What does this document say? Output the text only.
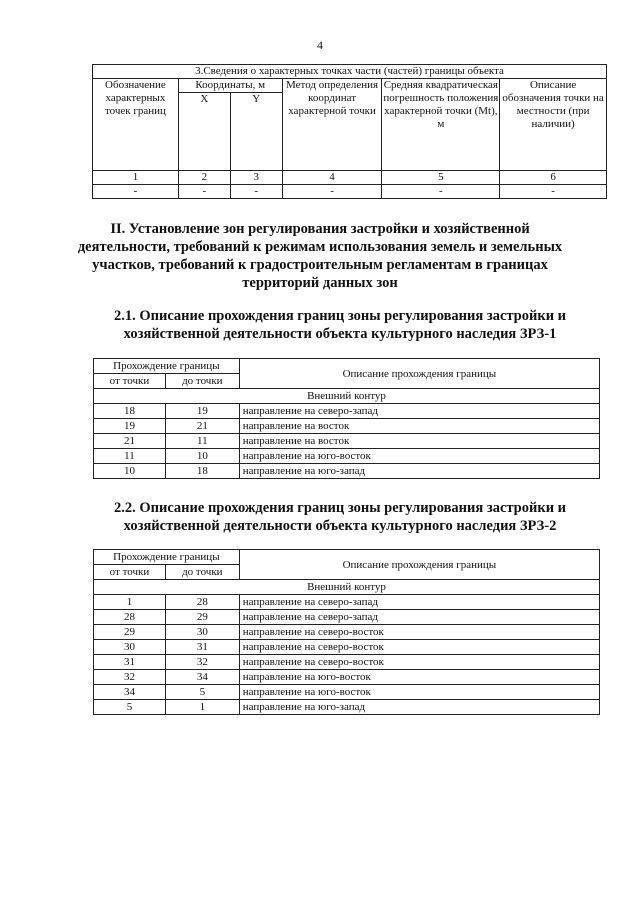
4
3.Сведения о характерных точках части (частей) границы объекта					
Обозначение характерных точек границ	Координаты, м		Метод определения координат характерной точки	Средняя квадратическая погрешность положения характерной точки (Mt), м	Описание обозначения точки на местности (при наличии)
	X	Y			
1	2	3	4	5	6
-	-	-	-	-	-
II. Установление зон регулирования застройки и хозяйственной деятельности, требований к режимам использования земель и земельных участков, требований к градостроительным регламентам в границах территорий данных зон
2.1. Описание прохождения границ зоны регулирования застройки и хозяйственной деятельности объекта культурного наследия ЗРЗ-1
Прохождение границы		Описание прохождения границы
от точки	до точки	
Внешний контур		
18	19	направление на северо-запад
19	21	направление на восток
21	11	направление на восток
11	10	направление на юго-восток
10	18	направление на юго-запад
2.2. Описание прохождения границ зоны регулирования застройки и хозяйственной деятельности объекта культурного наследия ЗРЗ-2
Прохождение границы		Описание прохождения границы
от точки	до точки	
Внешний контур		
1	28	направление на северо-запад
28	29	направление на северо-запад
29	30	направление на северо-восток
30	31	направление на северо-восток
31	32	направление на северо-восток
32	34	направление на юго-восток
34	5	направление на юго-восток
5	1	направление на юго-запад
